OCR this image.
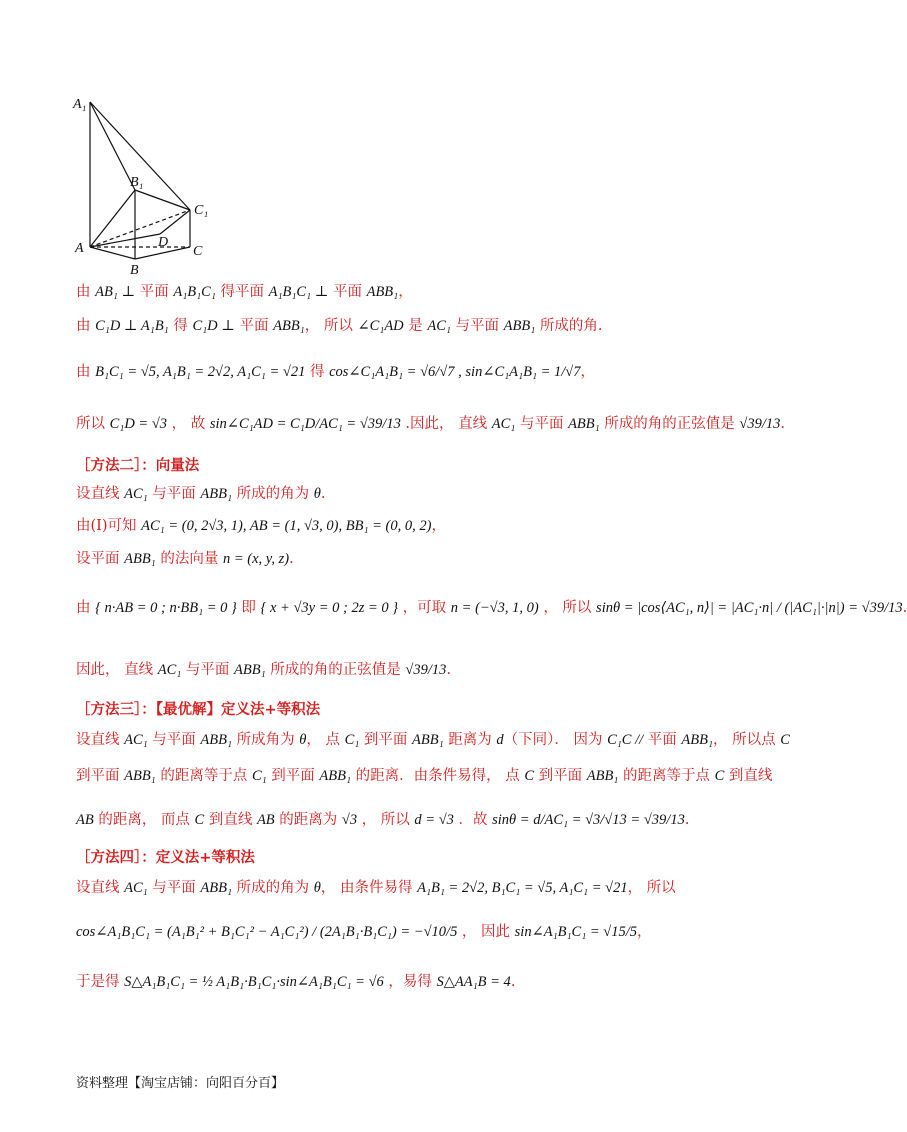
A₁
B₁
C₁
A
B
C
D
由 AB₁ ⊥ 平面 A₁B₁C₁ 得平面 A₁B₁C₁ ⊥ 平面 ABB₁，
由 C₁D ⊥ A₁B₁ 得 C₁D ⊥ 平面 ABB₁， 所以 ∠C₁AD 是 AC₁ 与平面 ABB₁ 所成的角.
由 B₁C₁ = √5, A₁B₁ = 2√2, A₁C₁ = √21 得 cos∠C₁A₁B₁ = √6/√7 , sin∠C₁A₁B₁ = 1/√7，
所以 C₁D = √3 ， 故 sin∠C₁AD = C₁D/AC₁ = √39/13 .因此， 直线 AC₁ 与平面 ABB₁ 所成的角的正弦值是 √39/13.
［方法二］：向量法
设直线 AC₁ 与平面 ABB₁ 所成的角为 θ.
由(I)可知 AC₁ = (0, 2√3, 1), AB = (1, √3, 0), BB₁ = (0, 0, 2)，
设平面 ABB₁ 的法向量 n = (x, y, z).
由 { n·AB = 0 ; n·BB₁ = 0 } 即 { x + √3y = 0 ; 2z = 0 } ，可取 n = (−√3, 1, 0) ， 所以 sinθ = |cos⟨AC₁, n⟩| = |AC₁·n| / (|AC₁|·|n|) = √39/13.
因此， 直线 AC₁ 与平面 ABB₁ 所成的角的正弦值是 √39/13.
［方法三］：【最优解】定义法+等积法
设直线 AC₁ 与平面 ABB₁ 所成角为 θ， 点 C₁ 到平面 ABB₁ 距离为 d（下同）． 因为 C₁C // 平面 ABB₁， 所以点 C
到平面 ABB₁ 的距离等于点 C₁ 到平面 ABB₁ 的距离．由条件易得， 点 C 到平面 ABB₁ 的距离等于点 C 到直线
AB 的距离， 而点 C 到直线 AB 的距离为 √3 ， 所以 d = √3 ．故 sinθ = d/AC₁ = √3/√13 = √39/13.
［方法四］：定义法+等积法
设直线 AC₁ 与平面 ABB₁ 所成的角为 θ， 由条件易得 A₁B₁ = 2√2, B₁C₁ = √5, A₁C₁ = √21， 所以
cos∠A₁B₁C₁ = (A₁B₁² + B₁C₁² − A₁C₁²) / (2A₁B₁·B₁C₁) = −√10/5 ， 因此 sin∠A₁B₁C₁ = √15/5，
于是得 S△A₁B₁C₁ = ½ A₁B₁·B₁C₁·sin∠A₁B₁C₁ = √6 ，易得 S△AA₁B = 4.
资料整理【淘宝店铺：向阳百分百】
